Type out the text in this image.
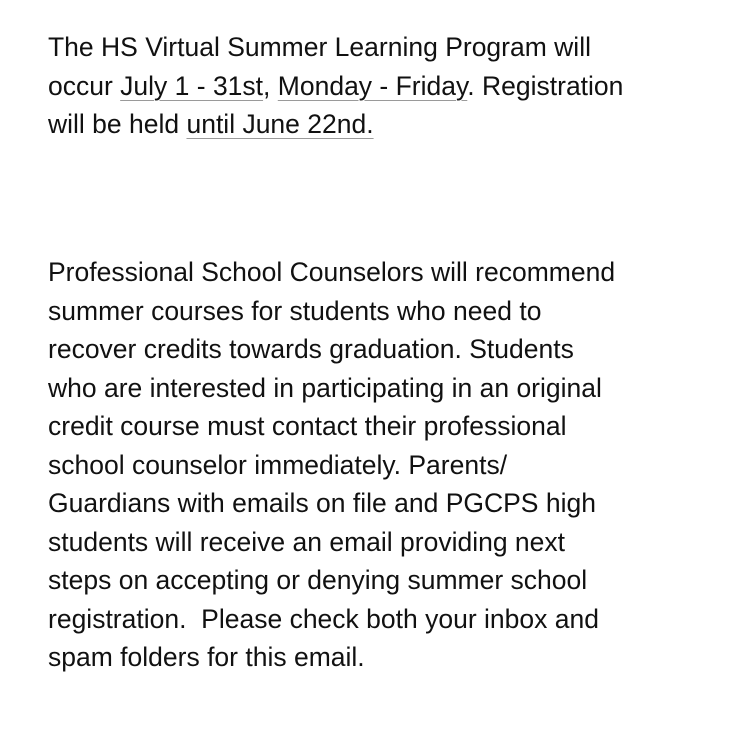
The HS Virtual Summer Learning Program will
occur July 1 - 31st, Monday - Friday. Registration
will be held until June 22nd.
Professional School Counselors will recommend
summer courses for students who need to
recover credits towards graduation. Students
who are interested in participating in an original
credit course must contact their professional
school counselor immediately. Parents/
Guardians with emails on file and PGCPS high
students will receive an email providing next
steps on accepting or denying summer school
registration.  Please check both your inbox and
spam folders for this email.
